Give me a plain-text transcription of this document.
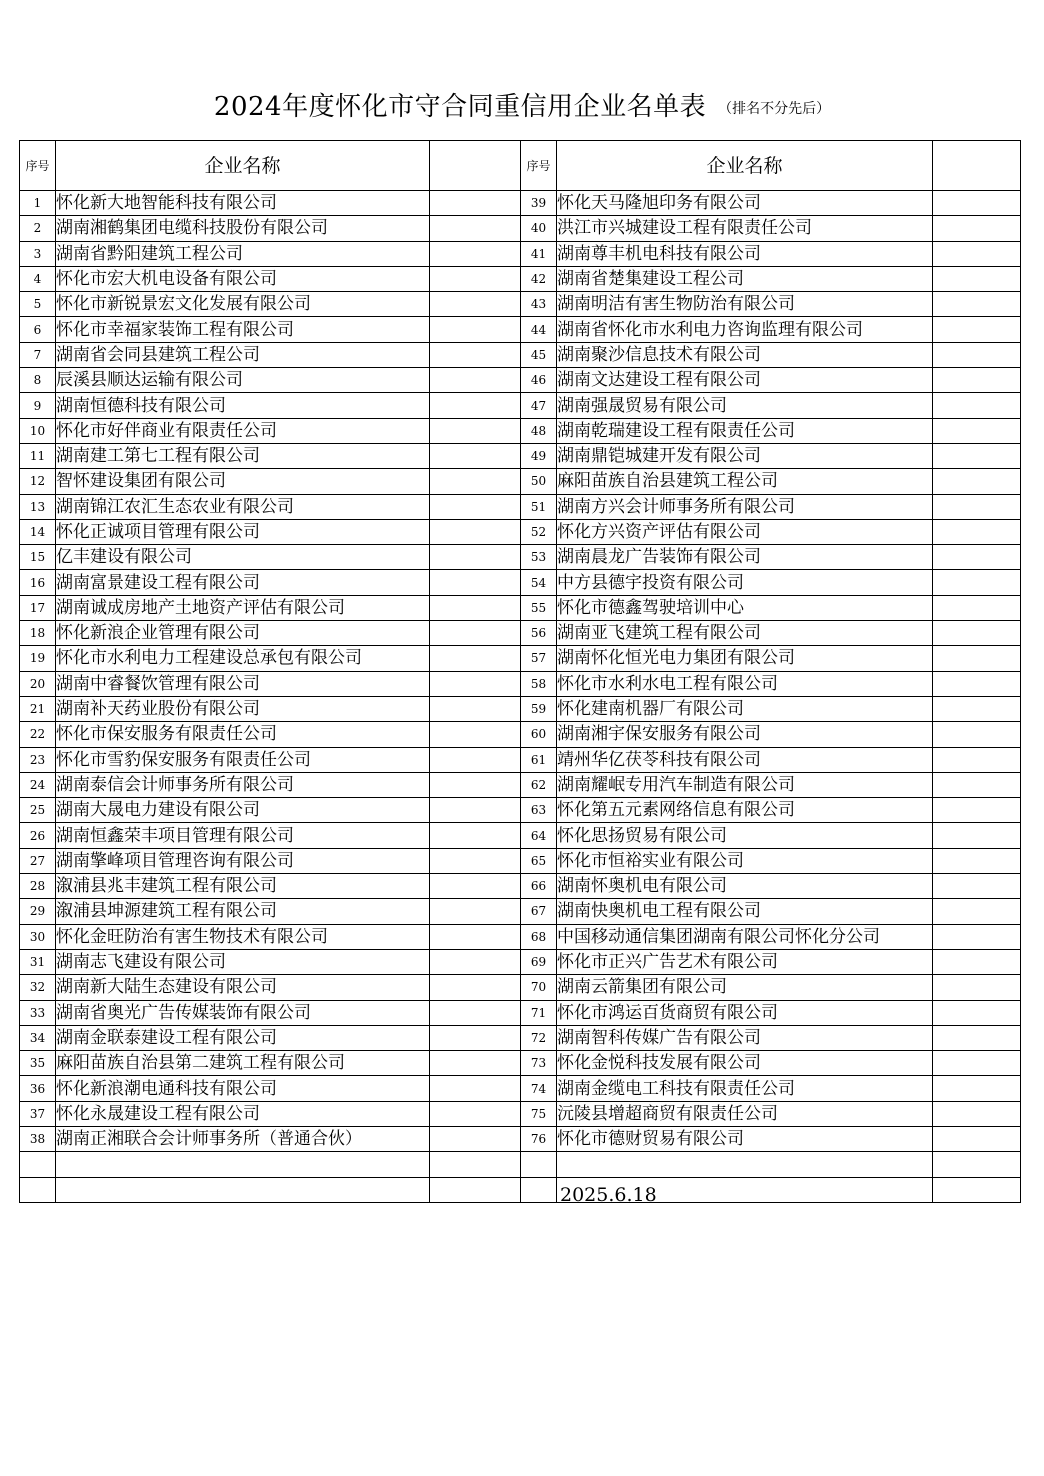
2024年度怀化市守合同重信用企业名单表 （排名不分先后）
序号	企业名称		序号	企业名称	
1	怀化新大地智能科技有限公司		39	怀化天马隆旭印务有限公司	
2	湖南湘鹤集团电缆科技股份有限公司		40	洪江市兴城建设工程有限责任公司	
3	湖南省黔阳建筑工程公司		41	湖南尊丰机电科技有限公司	
4	怀化市宏大机电设备有限公司		42	湖南省楚集建设工程公司	
5	怀化市新锐景宏文化发展有限公司		43	湖南明洁有害生物防治有限公司	
6	怀化市幸福家装饰工程有限公司		44	湖南省怀化市水利电力咨询监理有限公司	
7	湖南省会同县建筑工程公司		45	湖南聚沙信息技术有限公司	
8	辰溪县顺达运输有限公司		46	湖南文达建设工程有限公司	
9	湖南恒德科技有限公司		47	湖南强晟贸易有限公司	
10	怀化市好伴商业有限责任公司		48	湖南乾瑞建设工程有限责任公司	
11	湖南建工第七工程有限公司		49	湖南鼎铠城建开发有限公司	
12	智怀建设集团有限公司		50	麻阳苗族自治县建筑工程公司	
13	湖南锦江农汇生态农业有限公司		51	湖南方兴会计师事务所有限公司	
14	怀化正诚项目管理有限公司		52	怀化方兴资产评估有限公司	
15	亿丰建设有限公司		53	湖南晨龙广告装饰有限公司	
16	湖南富景建设工程有限公司		54	中方县德宇投资有限公司	
17	湖南诚成房地产土地资产评估有限公司		55	怀化市德鑫驾驶培训中心	
18	怀化新浪企业管理有限公司		56	湖南亚飞建筑工程有限公司	
19	怀化市水利电力工程建设总承包有限公司		57	湖南怀化恒光电力集团有限公司	
20	湖南中睿餐饮管理有限公司		58	怀化市水利水电工程有限公司	
21	湖南补天药业股份有限公司		59	怀化建南机器厂有限公司	
22	怀化市保安服务有限责任公司		60	湖南湘宇保安服务有限公司	
23	怀化市雪豹保安服务有限责任公司		61	靖州华亿茯苓科技有限公司	
24	湖南泰信会计师事务所有限公司		62	湖南耀岷专用汽车制造有限公司	
25	湖南大晟电力建设有限公司		63	怀化第五元素网络信息有限公司	
26	湖南恒鑫荣丰项目管理有限公司		64	怀化思扬贸易有限公司	
27	湖南擎峰项目管理咨询有限公司		65	怀化市恒裕实业有限公司	
28	溆浦县兆丰建筑工程有限公司		66	湖南怀奥机电有限公司	
29	溆浦县坤源建筑工程有限公司		67	湖南快奥机电工程有限公司	
30	怀化金旺防治有害生物技术有限公司		68	中国移动通信集团湖南有限公司怀化分公司	
31	湖南志飞建设有限公司		69	怀化市正兴广告艺术有限公司	
32	湖南新大陆生态建设有限公司		70	湖南云箭集团有限公司	
33	湖南省奥光广告传媒装饰有限公司		71	怀化市鸿运百货商贸有限公司	
34	湖南金联泰建设工程有限公司		72	湖南智科传媒广告有限公司	
35	麻阳苗族自治县第二建筑工程有限公司		73	怀化金悦科技发展有限公司	
36	怀化新浪潮电通科技有限公司		74	湖南金缆电工科技有限责任公司	
37	怀化永晟建设工程有限公司		75	沅陵县增超商贸有限责任公司	
38	湖南正湘联合会计师事务所（普通合伙）		76	怀化市德财贸易有限公司	

2025.6.18
